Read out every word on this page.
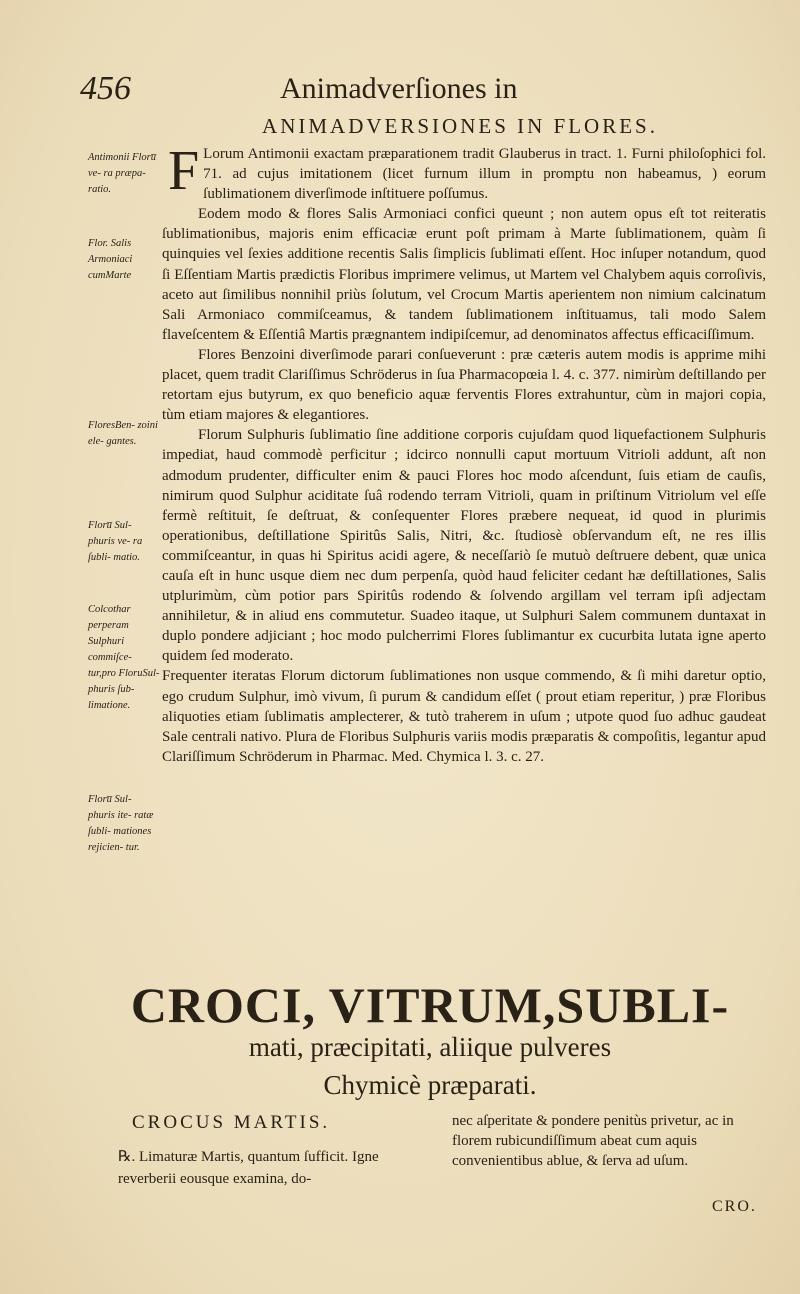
456	Animadverſiones in
ANIMADVERSIONES IN FLORES.
Antimonii Floru̅ ve- ra præpa- ratio.
Flor. Salis Armoniaci cumMarte
FloresBen- zoini ele- gantes.
Floru̅ Sul- phuris ve- ra ſubli- matio.
Colcothar perperam Sulphuri commiſce- tur,pro FloruSul- phuris ſub- limatione.
Floru̅ Sul- phuris ite- ratæ ſubli- mationes rejicien- tur.

F Lorum Antimonii exactam præparationem tradit Glauberus in tract. 1. Furni philoſophici fol. 71. ad cujus imitationem (licet furnum illum in promptu non habeamus, ) eorum ſublimationem diverſimode inſtituere poſſumus.

Eodem modo & flores Salis Armoniaci confici queunt ; non autem opus eſt tot reiteratis ſublimationibus, majoris enim efficaciæ erunt poſt primam à Marte ſublimationem, quàm ſi quinquies vel ſexies additione recentis Salis ſimplicis ſublimati eſſent. Hoc inſuper notandum, quod ſi Eſſentiam Martis prædictis Floribus imprimere velimus, ut Martem vel Chalybem aquis corroſivis, aceto aut ſimilibus nonnihil priùs ſolutum, vel Crocum Martis aperientem non nimium calcinatum Sali Armoniaco commiſceamus, & tandem ſublimationem inſtituamus, tali modo Salem flaveſcentem & Eſſentiâ Martis prægnantem indipiſcemur, ad denominatos affectus efficaciſſimum.

Flores Benzoini diverſimode parari conſueverunt : præ cæteris autem modis is apprime mihi placet, quem tradit Clariſſimus Schröderus in ſua Pharmacopœia l. 4. c. 377. nimirùm deſtillando per retortam ejus butyrum, ex quo beneficio aquæ ferventis Flores extrahuntur, cùm in majori copia, tùm etiam majores & elegantiores.

Florum Sulphuris ſublimatio ſine additione corporis cujuſdam quod liquefactionem Sulphuris impediat, haud commodè perficitur ; idcirco nonnulli caput mortuum Vitrioli addunt, aſt non admodum prudenter, difficulter enim & pauci Flores hoc modo aſcendunt, ſuis etiam de cauſis, nimirum quod Sulphur aciditate ſuâ rodendo terram Vitrioli, quam in priſtinum Vitriolum vel eſſe fermè reſtituit, ſe deſtruat, & conſequenter Flores præbere nequeat, id quod in plurimis operationibus, deſtillatione Spiritûs Salis, Nitri, &c. ſtudiosè obſervandum eſt, ne res illis commiſceantur, in quas hi Spiritus acidi agere, & neceſſariò ſe mutuò deſtruere debent, quæ unica cauſa eſt in hunc usque diem nec dum perpenſa, quòd haud feliciter cedant hæ deſtillationes, Salis utplurimùm, cùm potior pars Spiritûs rodendo & ſolvendo argillam vel terram ipſi adjectam annihiletur, & in aliud ens commutetur. Suadeo itaque, ut Sulphuri Salem communem duntaxat in duplo pondere adjiciant ; hoc modo pulcherrimi Flores ſublimantur ex cucurbita lutata igne aperto quidem ſed moderato.

Frequenter iteratas Florum dictorum ſublimationes non usque commendo, & ſi mihi daretur optio, ego crudum Sulphur, imò vivum, ſi purum & candidum eſſet ( prout etiam reperitur, ) præ Floribus aliquoties etiam ſublimatis amplecterer, & tutò traherem in uſum ; utpote quod ſuo adhuc gaudeat Sale centrali nativo. Plura de Floribus Sulphuris variis modis præparatis & compoſitis, legantur apud Clariſſimum Schröderum in Pharmac. Med. Chymica l. 3. c. 27.

CROCI, VITRUM,SUBLI-
mati, præcipitati, aliique pulveres
Chymicè præparati.
CROCUS MARTIS.
℞. Limaturæ Martis, quantum ſufficit. Igne reverberii eousque examina, do-
nec aſperitate & pondere penitùs privetur, ac in florem rubicundiſſimum abeat cum aquis convenientibus ablue, & ſerva ad uſum.
CRO.
